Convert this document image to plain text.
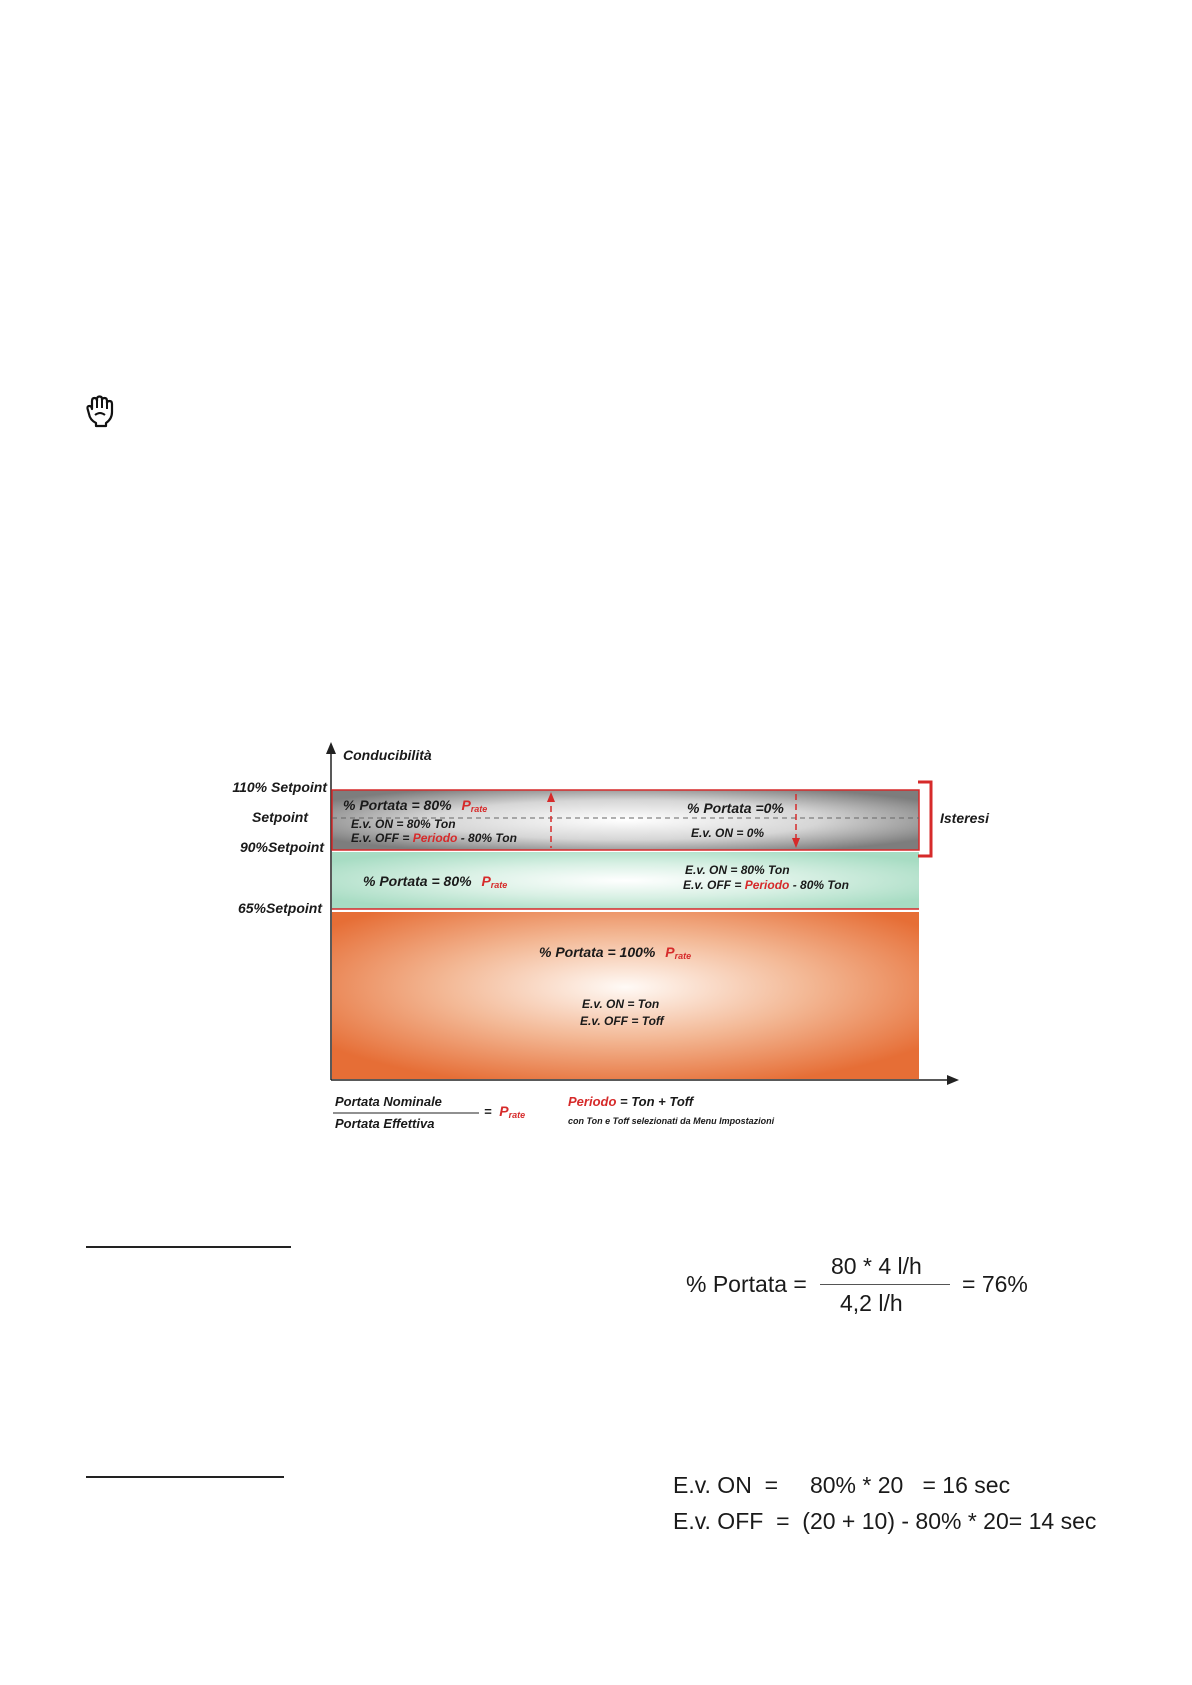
Isteresi
Conducibilità
110% Setpoint
Setpoint
90%Setpoint
65%Setpoint
% Portata = 80% Prate
E.v. ON = 80% Ton
E.v. OFF = Periodo - 80% Ton
% Portata =0%
E.v. ON = 0%
% Portata = 80% Prate
E.v. ON = 80% Ton
E.v. OFF = Periodo - 80% Ton
% Portata = 100% Prate
E.v. ON = Ton
E.v. OFF = Toff
Portata Nominale
Portata Effettiva
= Prate
Periodo = Ton + Toff
con Ton e Toff selezionati da Menu Impostazioni
% Portata =
80 * 4 l/h
4,2 l/h
= 76%
E.v. ON  =     80% * 20   = 16 sec
E.v. OFF  =  (20 + 10) - 80% * 20= 14 sec
